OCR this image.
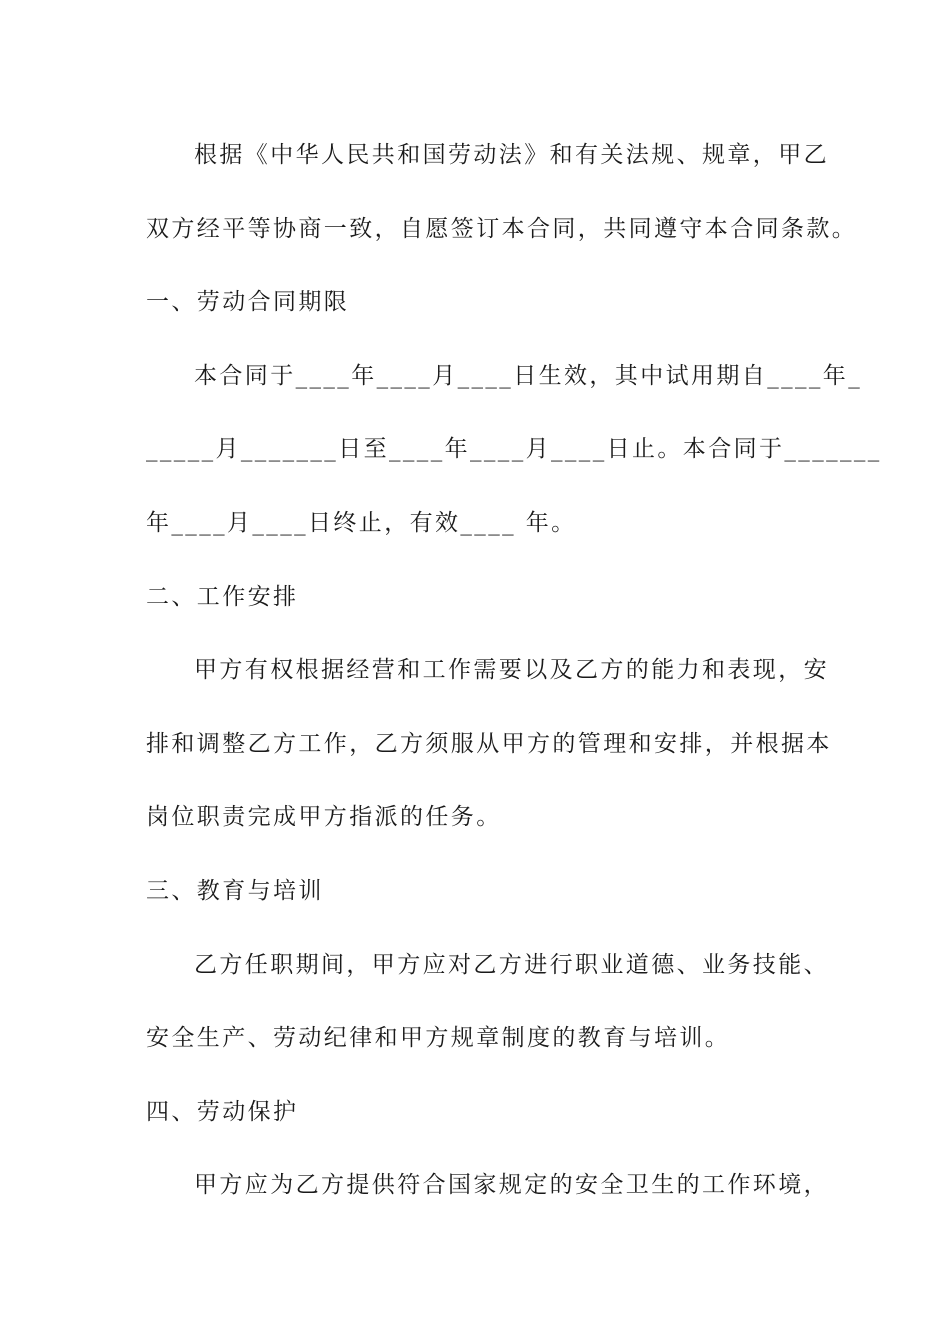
根据《中华人民共和国劳动法》和有关法规、规章，甲乙
双方经平等协商一致，自愿签订本合同，共同遵守本合同条款。
一、劳动合同期限
本合同于____年____月____日生效，其中试用期自____年_
_____月_______日至____年____月____日止。本合同于_______
年____月____日终止，有效____ 年。
二、工作安排
甲方有权根据经营和工作需要以及乙方的能力和表现，安
排和调整乙方工作，乙方须服从甲方的管理和安排，并根据本
岗位职责完成甲方指派的任务。
三、教育与培训
乙方任职期间，甲方应对乙方进行职业道德、业务技能、
安全生产、劳动纪律和甲方规章制度的教育与培训。
四、劳动保护
甲方应为乙方提供符合国家规定的安全卫生的工作环境，
